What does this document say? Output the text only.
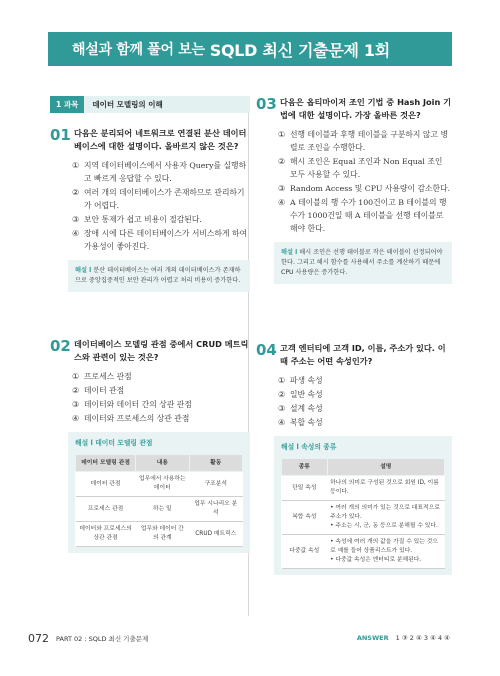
해설과 함께 풀어 보는 SQLD 최신 기출문제 1회
1 과목	데이터 모델링의 이해
01 다음은 분리되어 네트워크로 연결된 분산 데이터베이스에 대한 설명이다. 올바르지 않은 것은?
① 지역 데이터베이스에서 사용자 Query를 실행하고 빠르게 응답할 수 있다.
② 여러 개의 데이터베이스가 존재하므로 관리하기가 어렵다.
③ 보안 통제가 쉽고 비용이 절감된다.
④ 장애 시에 다른 데이터베이스가 서비스하게 하여 가용성이 좋아진다.
해설 l 분산 데이터베이스는 여러 개의 데이터베이스가 존재하므로 중앙집중적인 보안 관리가 어렵고 처리 비용이 증가한다.
02 데이터베이스 모델링 관점 중에서 CRUD 메트릭스와 관련이 있는 것은?
① 프로세스 관점
② 데이터 관점
③ 데이터와 데이터 간의 상관 관점
④ 데이터와 프로세스의 상관 관점
해설 l 데이터 모델링 관점
데이터 모델링 관점	내용	활동
데이터 관점	업무에서 사용하는 데이터	구조분석
프로세스 관점	하는 일	업무 시나리오 분석
데이터와 프로세스의 상관 관점	업무와 데이터 간의 관계	CRUD 매트릭스
03 다음은 옵티마이저 조인 기법 중 Hash Join 기법에 대한 설명이다. 가장 올바른 것은?
① 선행 테이블과 후행 테이블을 구분하지 않고 병렬로 조인을 수행한다.
② 해시 조인은 Equal 조인과 Non Equal 조인 모두 사용할 수 있다.
③ Random Access 및 CPU 사용량이 감소한다.
④ A 테이블의 행 수가 100건이고 B 테이블의 행수가 1000건일 때 A 테이블을 선행 테이블로 해야 한다.
해설 l 해시 조인은 선행 테이블로 작은 테이블이 선정되어야 한다. 그리고 해시 함수를 사용해서 주소를 계산하기 때문에 CPU 사용량은 증가한다.
04 고객 엔터티에 고객 ID, 이름, 주소가 있다. 이때 주소는 어떤 속성인가?
① 파생 속성
② 일반 속성
③ 설계 속성
④ 복합 속성
해설 l 속성의 종류
종류	설명
단일 속성	하나의 의미로 구성된 것으로 회원 ID, 이름 등이다.

복합 속성	• 여러 개의 의미가 있는 것으로 대표적으로 주소가 있다.
• 주소는 시, 군, 동 등으로 분해될 수 있다.

다중값 속성	• 속성에 여러 개의 값을 가질 수 있는 것으로 예를 들어 상품리스트가 있다.
• 다중값 속성은 엔터티로 분해된다.
072 PART 02 : SQLD 최신 기출문제	ANSWER 1 ③ 2 ④ 3 ④ 4 ④
